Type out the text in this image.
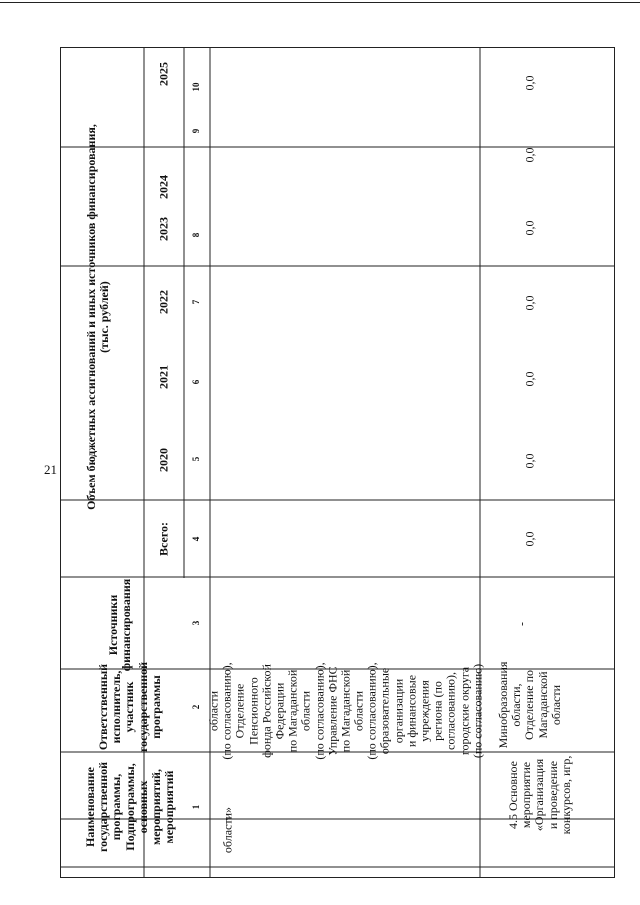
21
Объем бюджетных ассигнований и иных источников финансирования,
(тыс. рублей)
2025
2024
2023
2022
2021
2020
Всего:
Источники
финансирования
Ответственный
исполнитель,
участник
государственной
программы
Наименование
государственной
программы,
Подпрограммы,
основных
мероприятий,
мероприятий
10
9
8
7
6
5
4
3
2
1 области»
области
(по согласованию),
Отделение
Пенсионного
фонда Российской
Федерации
по Магаданской
области
(по согласованию),
Управление ФНС
по Магаданской
области
(по согласованию),
образовательные
организации
и финансовые
учреждения
региона (по
согласованию),
городские округа
(по согласованию)
4.5 Основное
мероприятие
«Организация
и проведение
конкурсов, игр,
Минобразования
области,
Отделение по
Магаданской
области
-
0,0
0,0
0,0
0,0
0,0
0,0
0,0
